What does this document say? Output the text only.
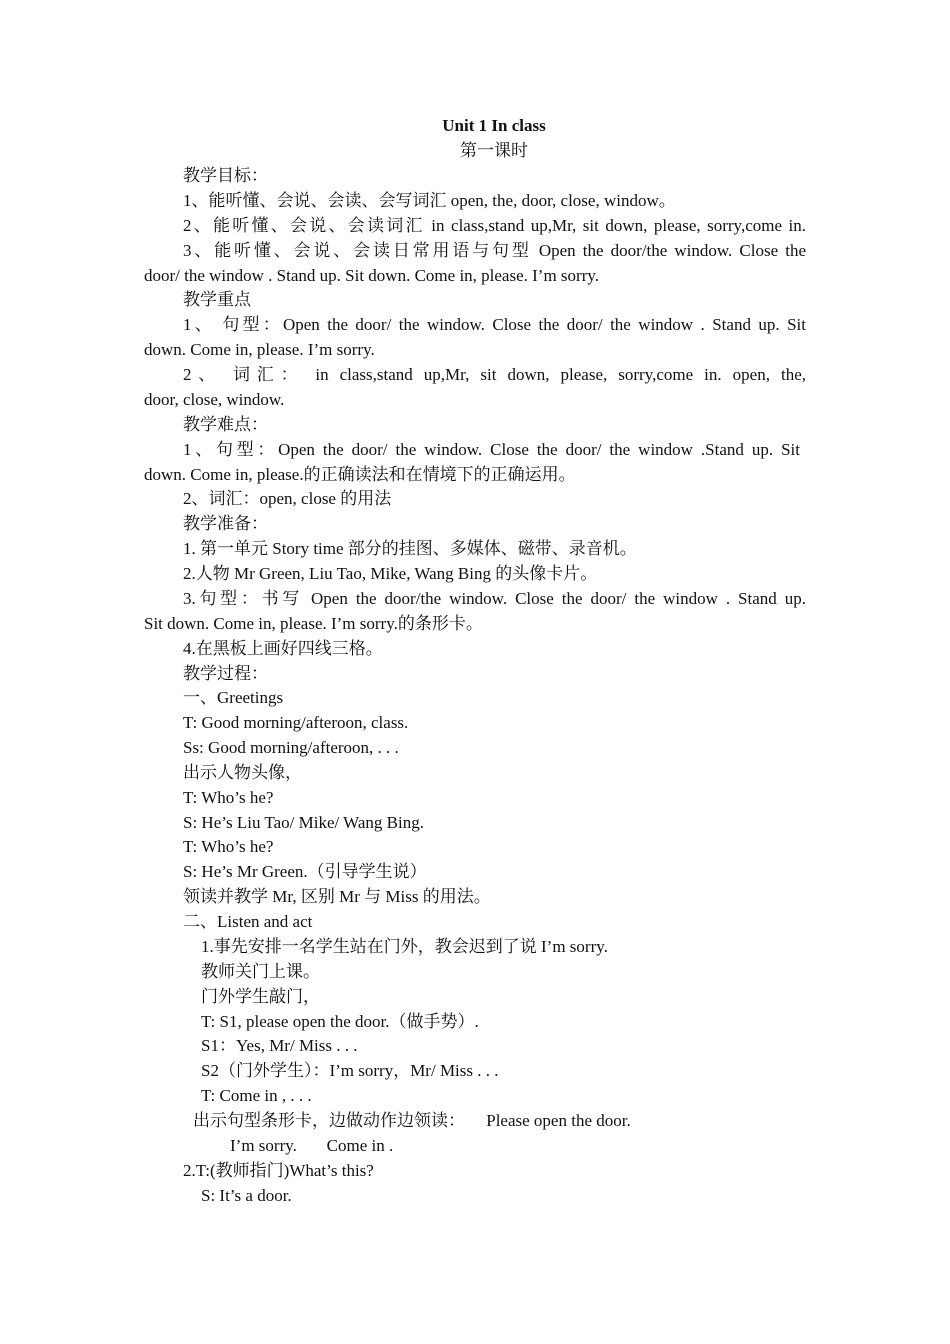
Unit 1 In class
第一课时
教学目标：
1、能听懂、会说、会读、会写词汇 open, the, door, close, window。
2、能听懂、会说、会读词汇 in class,stand up,Mr, sit down, please, sorry,come in.
3、能听懂、会说、会读日常用语与句型 Open the door/the window. Close the
door/ the window . Stand up. Sit down. Come in, please. I’m sorry.
教学重点
1、 句型：Open the door/ the window. Close the door/ the window . Stand up. Sit
down. Come in, please. I’m sorry.
2、 词汇： in class,stand up,Mr, sit down, please, sorry,come in. open, the,
door, close, window.
教学难点：
1、句型：Open the door/ the window. Close the door/ the window .Stand up. Sit
down. Come in, please.的正确读法和在情境下的正确运用。
2、词汇：open, close 的用法
教学准备：
1. 第一单元 Story time 部分的挂图、多媒体、磁带、录音机。
2.人物 Mr Green, Liu Tao, Mike, Wang Bing 的头像卡片。
3.句型：书写 Open the door/the window. Close the door/ the window . Stand up.
Sit down. Come in, please. I’m sorry.的条形卡。
4.在黑板上画好四线三格。
教学过程：
一、Greetings
T: Good morning/afteroon, class.
Ss: Good morning/afteroon, . . .
出示人物头像，
T: Who’s he?
S: He’s Liu Tao/ Mike/ Wang Bing.
T: Who’s he?
S: He’s Mr Green.（引导学生说）
领读并教学 Mr, 区别 Mr 与 Miss 的用法。
二、Listen and act
1.事先安排一名学生站在门外，教会迟到了说 I’m sorry.
教师关门上课。
门外学生敲门，
T: S1, please open the door.（做手势）.
S1：Yes, Mr/ Miss . . .
S2（门外学生）：I’m sorry，Mr/ Miss . . .
T: Come in , . . .
出示句型条形卡，边做动作边领读：     Please open the door.
I’m sorry.       Come in .
2.T:(教师指门)What’s this?
S: It’s a door.
